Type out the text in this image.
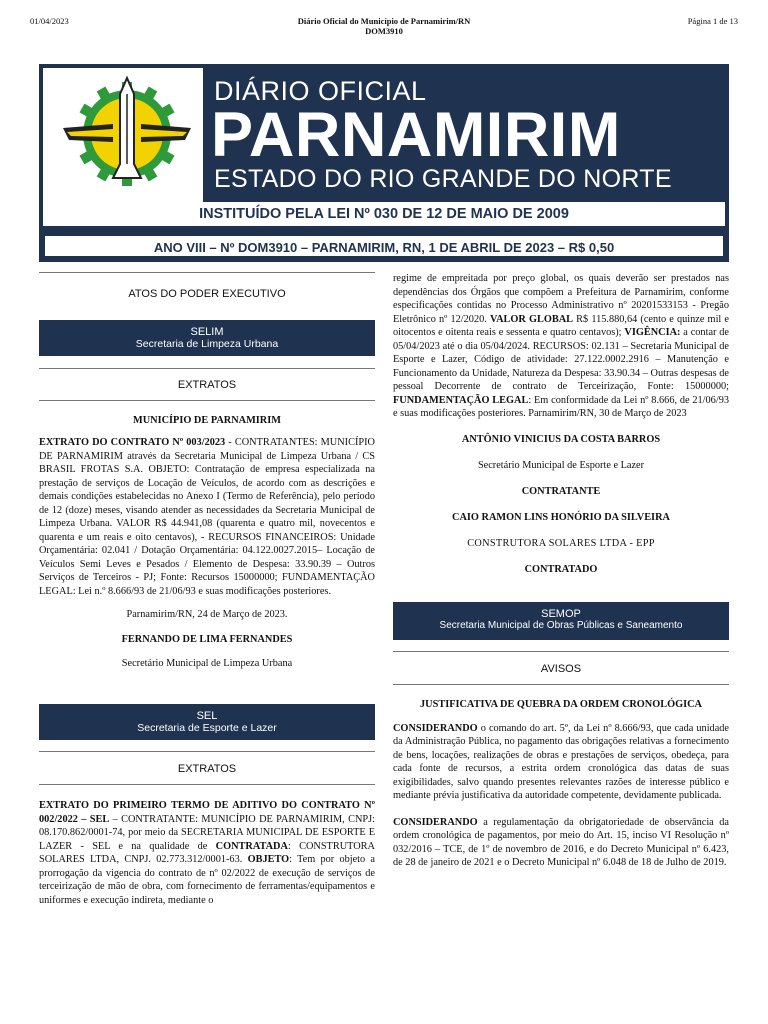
01/04/2023	Diário Oficial do Município de Parnamirim/RN
DOM3910
Página 1 de 13
DIÁRIO OFICIAL
PARNAMIRIM
ESTADO DO RIO GRANDE DO NORTE
INSTITUÍDO PELA LEI Nº 030 DE 12 DE MAIO DE 2009
ANO VIII – Nº DOM3910 – PARNAMIRIM, RN, 1 DE ABRIL DE 2023 – R$ 0,50
ATOS DO PODER EXECUTIVO
SELIM
Secretaria de Limpeza Urbana
EXTRATOS
MUNICÍPIO DE PARNAMIRIM

EXTRATO DO CONTRATO Nº 003/2023 - CONTRATANTES: MUNICÍPIO DE PARNAMIRIM através da Secretaria Municipal de Limpeza Urbana / CS BRASIL FROTAS S.A. OBJETO: Contratação de empresa especializada na prestação de serviços de Locação de Veículos, de acordo com as descrições e demais condições estabelecidas no Anexo I (Termo de Referência), pelo período de 12 (doze) meses, visando atender as necessidades da Secretaria Municipal de Limpeza Urbana. VALOR R$ 44.941,08 (quarenta e quatro mil, novecentos e quarenta e um reais e oito centavos), - RECURSOS FINANCEIROS: Unidade Orçamentária: 02.041 / Dotação Orçamentária: 04.122.0027.2015– Locação de Veículos Semi Leves e Pesados / Elemento de Despesa: 33.90.39 – Outros Serviços de Terceiros - PJ; Fonte: Recursos 15000000; FUNDAMENTAÇÃO LEGAL: Lei n.º 8.666/93 de 21/06/93 e suas modificações posteriores.

Parnamirim/RN, 24 de Março de 2023.
FERNANDO DE LIMA FERNANDES
Secretário Municipal de Limpeza Urbana
SEL
Secretaria de Esporte e Lazer
EXTRATOS

EXTRATO DO PRIMEIRO TERMO DE ADITIVO DO CONTRATO Nº 002/2022 – SEL – CONTRATANTE: MUNICÍPIO DE PARNAMIRIM, CNPJ: 08.170.862/0001-74, por meio da SECRETARIA MUNICIPAL DE ESPORTE E LAZER - SEL e na qualidade de CONTRATADA: CONSTRUTORA SOLARES LTDA, CNPJ. 02.773.312/0001-63. OBJETO: Tem por objeto a prorrogação da vigencia do contrato de nº 02/2022 de execução de serviços de terceirização de mão de obra, com fornecimento de ferramentas/equipamentos e uniformes e execução indireta, mediante o

regime de empreitada por preço global, os quais deverão ser prestados nas dependências dos Órgãos que compõem a Prefeitura de Parnamirim, conforme especificações contidas no Processo Administrativo nº 20201533153 - Pregão Eletrônico nº 12/2020. VALOR GLOBAL R$ 115.880,64 (cento e quinze mil e oitocentos e oitenta reais e sessenta e quatro centavos); VIGÊNCIA: a contar de 05/04/2023 até o dia 05/04/2024. RECURSOS: 02.131 – Secretaria Municipal de Esporte e Lazer, Código de atividade: 27.122.0002.2916 – Manutenção e Funcionamento da Unidade, Natureza da Despesa: 33.90.34 – Outras despesas de pessoal Decorrente de contrato de Terceirização, Fonte: 15000000; FUNDAMENTAÇÃO LEGAL: Em conformidade da Lei nº 8.666, de 21/06/93 e suas modificações posteriores. Parnamirim/RN, 30 de Março de 2023

ANTÔNIO VINICIUS DA COSTA BARROS
Secretário Municipal de Esporte e Lazer
CONTRATANTE
CAIO RAMON LINS HONÓRIO DA SILVEIRA
CONSTRUTORA SOLARES LTDA - EPP
CONTRATADO
SEMOP
Secretaria Municipal de Obras Públicas e Saneamento
AVISOS
JUSTIFICATIVA DE QUEBRA DA ORDEM CRONOLÓGICA

CONSIDERANDO o comando do art. 5º, da Lei nº 8.666/93, que cada unidade da Administração Pública, no pagamento das obrigações relativas a fornecimento de bens, locações, realizações de obras e prestações de serviços, obedeça, para cada fonte de recursos, a estrita ordem cronológica das datas de suas exigibilidades, salvo quando presentes relevantes razões de interesse público e mediante prévia justificativa da autoridade competente, devidamente publicada.

CONSIDERANDO a regulamentação da obrigatoriedade de observância da ordem cronológica de pagamentos, por meio do Art. 15, inciso VI Resolução nº 032/2016 – TCE, de 1º de novembro de 2016, e do Decreto Municipal nº 6.423, de 28 de janeiro de 2021 e o Decreto Municipal nº 6.048 de 18 de Julho de 2019.
